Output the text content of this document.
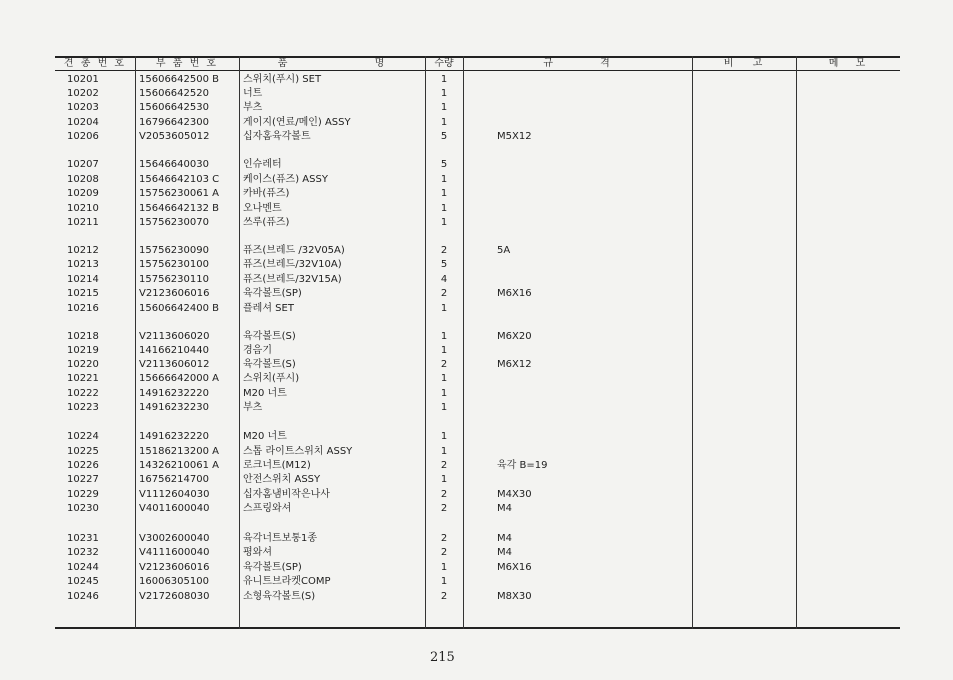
견 총 번 호	부 품 번 호	품 명	수량	규 격	비 고	메 모
10201	15606642500 B 스위치(푸시) SET	1
10202	15606642520	너트	1
10203	15606642530	부츠	1
10204	16796642300	게이지(연료/메인) ASSY	1
10206	V2053605012	십자홈육각볼트	5	M5X12
10207	15646640030	인슈레터	5
10208	15646642103 C 케이스(퓨즈) ASSY	1
10209	15756230061 A 카바(퓨즈)	1
10210	15646642132 B 오나멘트	1
10211	15756230070	쓰루(퓨즈)	1
10212	15756230090	퓨즈(브레드 /32V05A)	2	5A
10213	15756230100	퓨즈(브레드/32V10A)	5
10214	15756230110	퓨즈(브레드/32V15A)	4
10215	V2123606016	육각볼트(SP)	2	M6X16
10216	15606642400 B 플레셔 SET	1
10218	V2113606020	육각볼트(S)	1	M6X20
10219	14166210440	경음기	1
10220	V2113606012	육각볼트(S)	2	M6X12
10221	15666642000 A 스위치(푸시)	1
10222	14916232220	M20 너트	1
10223	14916232230	부츠	1
10224	14916232220	M20 너트	1
10225	15186213200 A 스톱 라이트스위치 ASSY	1
10226	14326210061 A 로크너트(M12)	2	육각 B=19
10227	16756214700	안전스위치 ASSY	1
10229	V1112604030	십자홈냄비작은나사	2	M4X30
10230	V4011600040	스프링와셔	2	M4
10231	V3002600040	육각너트보통1종	2	M4
10232	V4111600040	평와셔	2	M4
10244	V2123606016	육각볼트(SP)	1	M6X16
10245	16006305100	유니트브라켓COMP	1
10246	V2172608030	소형육각볼트(S)	2	M8X30
215
